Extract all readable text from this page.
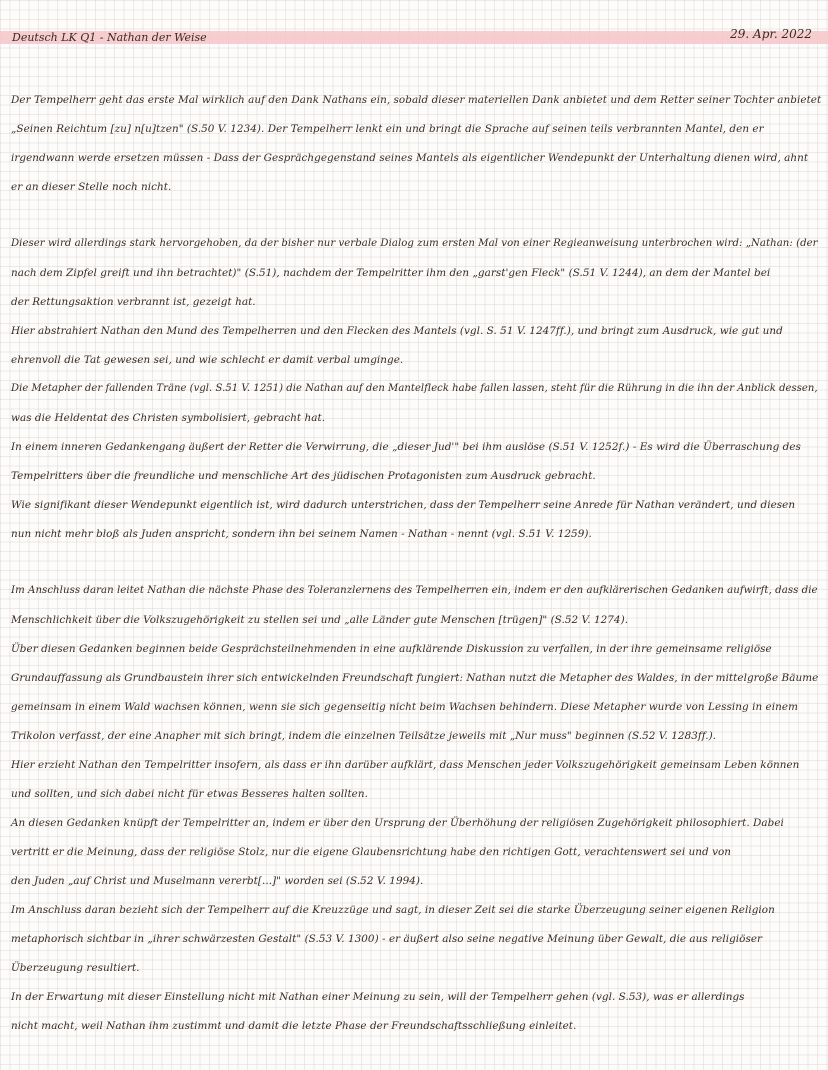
Deutsch LK Q1 - Nathan der Weise	29. Apr. 2022
Der Tempelherr geht das erste Mal wirklich auf den Dank Nathans ein, sobald dieser materiellen Dank anbietet und dem Retter seiner Tochter anbietet
„Seinen Reichtum [zu] n[u]tzen" (S.50 V. 1234). Der Tempelherr lenkt ein und bringt die Sprache auf seinen teils verbrannten Mantel, den er
irgendwann werde ersetzen müssen - Dass der Gesprächgegenstand seines Mantels als eigentlicher Wendepunkt der Unterhaltung dienen wird, ahnt
er an dieser Stelle noch nicht.
Dieser wird allerdings stark hervorgehoben, da der bisher nur verbale Dialog zum ersten Mal von einer Regieanweisung unterbrochen wird: „Nathan: (der
nach dem Zipfel greift und ihn betrachtet)" (S.51), nachdem der Tempelritter ihm den „garst'gen Fleck" (S.51 V. 1244), an dem der Mantel bei
der Rettungsaktion verbrannt ist, gezeigt hat.
Hier abstrahiert Nathan den Mund des Tempelherren und den Flecken des Mantels (vgl. S. 51 V. 1247ff.), und bringt zum Ausdruck, wie gut und
ehrenvoll die Tat gewesen sei, und wie schlecht er damit verbal umginge.
Die Metapher der fallenden Träne (vgl. S.51 V. 1251) die Nathan auf den Mantelfleck habe fallen lassen, steht für die Rührung in die ihn der Anblick dessen,
was die Heldentat des Christen symbolisiert, gebracht hat.
In einem inneren Gedankengang äußert der Retter die Verwirrung, die „dieser Jud'" bei ihm auslöse (S.51 V. 1252f.) - Es wird die Überraschung des
Tempelritters über die freundliche und menschliche Art des jüdischen Protagonisten zum Ausdruck gebracht.
Wie signifikant dieser Wendepunkt eigentlich ist, wird dadurch unterstrichen, dass der Tempelherr seine Anrede für Nathan verändert, und diesen
nun nicht mehr bloß als Juden anspricht, sondern ihn bei seinem Namen - Nathan - nennt (vgl. S.51 V. 1259).
Im Anschluss daran leitet Nathan die nächste Phase des Toleranzlernens des Tempelherren ein, indem er den aufklärerischen Gedanken aufwirft, dass die
Menschlichkeit über die Volkszugehörigkeit zu stellen sei und „alle Länder gute Menschen [trügen]" (S.52 V. 1274).
Über diesen Gedanken beginnen beide Gesprächsteilnehmenden in eine aufklärende Diskussion zu verfallen, in der ihre gemeinsame religiöse
Grundauffassung als Grundbaustein ihrer sich entwickelnden Freundschaft fungiert: Nathan nutzt die Metapher des Waldes, in der mittelgroße Bäume
gemeinsam in einem Wald wachsen können, wenn sie sich gegenseitig nicht beim Wachsen behindern. Diese Metapher wurde von Lessing in einem
Trikolon verfasst, der eine Anapher mit sich bringt, indem die einzelnen Teilsätze jeweils mit „Nur muss" beginnen (S.52 V. 1283ff.).
Hier erzieht Nathan den Tempelritter insofern, als dass er ihn darüber aufklärt, dass Menschen jeder Volkszugehörigkeit gemeinsam Leben können
und sollten, und sich dabei nicht für etwas Besseres halten sollten.
An diesen Gedanken knüpft der Tempelritter an, indem er über den Ursprung der Überhöhung der religiösen Zugehörigkeit philosophiert. Dabei
vertritt er die Meinung, dass der religiöse Stolz, nur die eigene Glaubensrichtung habe den richtigen Gott, verachtenswert sei und von
den Juden „auf Christ und Muselmann vererbt[...]" worden sei (S.52 V. 1994).
Im Anschluss daran bezieht sich der Tempelherr auf die Kreuzzüge und sagt, in dieser Zeit sei die starke Überzeugung seiner eigenen Religion
metaphorisch sichtbar in „ihrer schwärzesten Gestalt" (S.53 V. 1300) - er äußert also seine negative Meinung über Gewalt, die aus religiöser
Überzeugung resultiert.
In der Erwartung mit dieser Einstellung nicht mit Nathan einer Meinung zu sein, will der Tempelherr gehen (vgl. S.53), was er allerdings
nicht macht, weil Nathan ihm zustimmt und damit die letzte Phase der Freundschaftsschließung einleitet.
